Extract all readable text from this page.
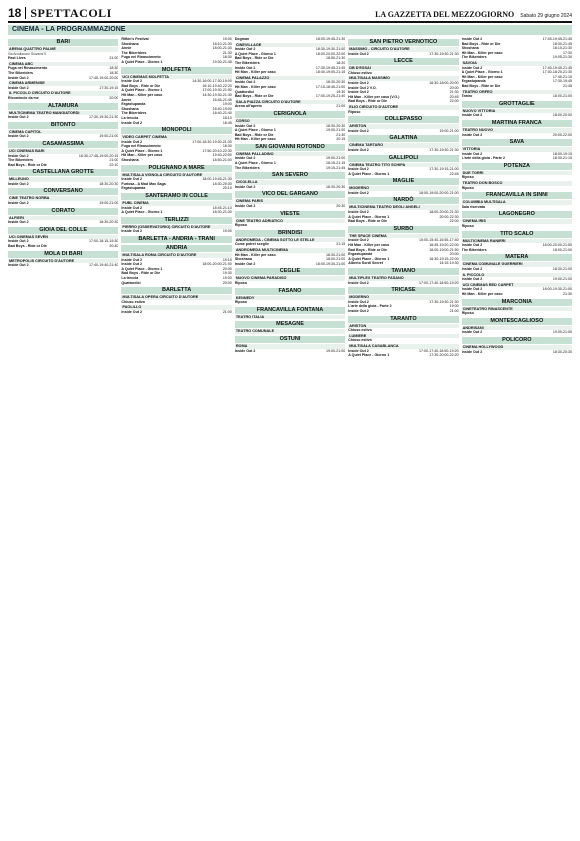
18 SPETTACOLI	LA GAZZETTA DEL MEZZOGIORNO Sabato 29 giugno 2024
CINEMA - LA PROGRAMMAZIONE
BARI
ARENA QUATTRO PALME
Via Arcidiacono Giovanni 9
Past Lives	21:00
CINEMA ABC
Fuga nel Rinascimento	18:30
The Bikeriders	18:30
Inside Out 2	17:45-19:00-20:00
CINEMA ARMENISE
Inside Out 2	17:30-19:15
IL PICCOLO CIRCUITO D'AUTORE
Ricomincio da me	20:00
ALTAMURA
MULTICINEMA TEATRO MANGIATORDI
Inside Out 2	17:30-19:30-21:30
BITONTO
CINEMA CAPITOL
Inside Out 2	19:00-21:00
CASAMASSIMA
UCI CINEMAS BARI
Inside Out 2	16:30-17:45-19:00-20:15
The Bikeriders	21:00
Bad Boys - Ride or Die	22:10
CASTELLANA GROTTE
MILLEUNO
Inside Out 2	18:30-20:30
CONVERSANO
CINE TEATRO NORBA
Inside Out 2	19:00-21:00
CORATO
ALFIERI
Inside Out 2	18:30-20:30
GIOIA DEL COLLE
UCI CINEMAS SEVEN
Inside Out 2	17:00-18:15-19:30
Bad Boys - Ride or Die	20:40
MOLA DI BARI
METROPOLIS CIRCUITO D'AUTORE
Inside Out 2	17:40-19:40-21:40
Rifkin's Festival	19:00
Shoshana	18:10-21:30
Annie	18:00-21:30
The Bikeriders	21:30
Fuga nel Rinascimento	18:30
A Quiet Place - Giorno 1	19:30-21:45
MOLFETTA
UCI CINEMAS MOLFETTA
Inside Out 2	14:30-16:00-17:30-19:00
Bad Boys - Ride or Die	16:10-19:40-22:20
A Quiet Place - Giorno 1	17:00-19:30-21:50
Hit Man - Killer per caso	14:30-19:30-21:30
Annie	16:45-21:45
Ergastupanda	19:00
Shoshana	16:40-19:00
The Bikeriders	18:40-21:40
La treccia	18:10
Inside Out 2	18:45
MONOPOLI
VIDEO CARPET CINEMA
Inside Out 2	17:00-18:30-19:30-21:30
Fuga nel Rinascimento	18:30
A Quiet Place - Giorno 1	17:50-20:10-22:30
Hit Man - Killer per caso	19:40-22:00
Shoshana	18:50-21:00
POLIGNANO A MARE
MULTISALA VIGNOLA CIRCUITO D'AUTORE
Inside Out 2	18:00-19:45-21:30
Furiosa - A Mad Max Saga	18:30-20:30
Ergastupanda	20:15
SANTERAMO IN COLLE
PUBL CINEMA
Inside Out 2	18:45-21:10
A Quiet Place - Giorno 1	18:30-21:30
TERLIZZI
PIERRO (OSSERVATORIO) CIRCUITO D'AUTORE
Inside Out 2	19:00
BARLETTA - ANDRIA - TRANI
ANDRIA
MULTISALA ROMA CIRCUITO D'AUTORE
Inside Out 2	19:15
Inside Out 2	18:00-20:00-21:00
A Quiet Place - Giorno 1	20:00
Bad Boys - Ride or Die	19:30
La treccia	19:00
Quattordici	20:00
BARLETTA
MULTISALA OPERA CIRCUITO D'AUTORE
Chiuso estivo
PAOLILLO
Inside Out 2	21:00
Dogman	18:00-19:45-21:30
CINEVILLAGE
Inside Out 2	18:30-19:30-21:00
A Quiet Place - Giorno 1	18:00-20:00-22:00
Bad Boys - Ride or Die	18:50-21:30
The Bikeriders	18:20
Inside Out 2	17:30-19:45-21:45
Hit Man - Killer per caso	18:40-19:00-21:15
CINEMA PALAZZO
Inside Out 2	18:30-20:30
Hit Man - Killer per caso	17:15-18:45-21:00
Quattordici	19:30
Bad Boys - Ride or Die	17:00-19:25-21:40
SALA PIAZZA CIRCUITO D'AUTORE
Arena all'aperto	21:00
CERIGNOLA
CORSO
Inside Out 2	18:30-20:30
A Quiet Place - Giorno 1	19:00-21:00
Bad Boys - Ride or Die	21:30
Hit Man - Killer per caso	20:15
SAN GIOVANNI ROTONDO
CINEMA PALLADINO
Inside Out 2	19:00-21:00
A Quiet Place - Giorno 1	18:15-21:15
The Bikeriders	19:15-21:45
SAN SEVERO
CICOLELLA
Inside Out 2	18:30-20:30
VICO DEL GARGANO
CINEMA PARIS
Inside Out 2	20:30
VIESTE
CINE TEATRO ADRIATICO
Riposo
BRINDISI
ANDROMEDA - CINEMA SOTTO LE STELLE
Come potrei sceglie	21:15
ANDROMEDA MULTICINEMA
Hit Man - Killer per caso	18:30-21:00
Shoshana	18:00-21:00
Inside Out 2	18:00-19:30-21:00
CEGLIE
NUOVO CINEMA PARADISO
Riposo
FASANO
KENNEDY
Riposo
FRANCAVILLA FONTANA
TEATRO ITALIA
MESAGNE
TEATRO COMUNALE
OSTUNI
ROMA
Inside Out 2	19:00-21:00
SAN PIETRO VERNOTICO
MASSIMO - CIRCUITO D'AUTORE
Inside Out 2	17:30-19:30-21:30
LECCE
DB D'ESSAI
Chiuso estivo
MULTISALA MASSIMO
Inside Out 2	16:30-18:00-20:00
Inside Out 2 V.O.	20:00
Inside Out 2	21:30
Hit Man - Killer per caso (V.O.)	20:45
Bad Boys - Ride or Die	22:00
ELIO CIRCUITO D'AUTORE
Riposo
COLLEPASSO
ARISTON
Inside Out 2	19:00-21:00
GALATINA
CINEMA TARTARO
Inside Out 2	17:30-19:30-21:30
GALLIPOLI
CINEMA TEATRO TITO SCHIPA
Inside Out 2	17:30-19:15-21:00
A Quiet Place - Giorno 1	22:45
MAGLIE
MODERNO
Inside Out 2	18:00-19:00-20:00-21:00
NARDÒ
MULTICINEMA TEATRO DEGLI ANGELI
Inside Out 2	18:00-20:00-21:30
A Quiet Place - Giorno 1	20:00-22:30
Bad Boys - Ride or Die	22:00
SURBO
THE SPACE CINEMA
Inside Out 2	15:00-15:40-16:55-17:40
Hit Man - Killer per caso	16:45-19:20-22:00
Bad Boys - Ride or Die	16:00-19:00-21:50
Ergastupanda	20:00
A Quiet Place - Giorno 1	16:30-19:15-22:00
Alberto Sordi Secret	14:15-19:30
TAVIANO
MULTIPLEX TEATRO FASANO
Inside Out 2	17:00-17:40-18:50-19:20
TRICASE
MODERNO
Inside Out 2	17:30-19:30-21:30
L'arte della gioia - Parte 2	19:00
Inside Out 2	21:00
TARANTO
ARISTON
Chiuso estivo
LUMIERE
Chiuso estivo
MULTISALA CASABLANCA
Inside Out 2	17:00-17:40-18:50-19:20
A Quiet Place - Giorno 1	17:30-20:00-22:20
Inside Out 2	17:45-19:45-21:45
Bad Boys - Ride or Die	18:30-21:45
Shoshana	18:10-21:30
Hit Man - Killer per caso	17:30
The Bikeriders	19:05-21:30
SAVOIA
Inside Out 2	17:45-19:45-21:45
A Quiet Place - Giorno 1	17:30-18:20-21:30
Hit Man - Killer per caso	17:45-21:15
Ergastupanda	17:30-19:45
Bad Boys - Ride or Die	21:45
TEATRO ORFEO
Teatro	18:00-21:00
GROTTAGLIE
NUOVO VITTORIA
Inside Out 2	18:00-20:00
MARTINA FRANCA
TEATRO NUOVO
Inside Out 2	20:00-22:00
SAVA
VITTORIA
Inside Out 2	18:00-19:15
L'arte della gioia - Parte 2	18:30-21:15
POTENZA
DUE TORRI
Riposo
TEATRO DON BOSCO
Riposo
FRANCAVILLA IN SINNI
COLUMBIA MULTISALA
Sala riservata
LAGONEGRO
CINEMA IRIS
Riposo
TITO SCALO
MULTICINEMA RANIERI
Inside Out 2	18:00-20:00-21:50
The Bikeriders	18:00-21:00
MATERA
CINEMA COMUNALE GUERRIERI
Inside Out 2	18:30-21:00
IL PICCOLO
Inside Out 2	19:00-21:00
UCI CINEMAS RED CARPET
Inside Out 2	18:00-19:30-21:00
Hit Man - Killer per caso	21:30
MARCONIA
CINETEATRO RINASCENTE
Riposo
MONTESCAGLIOSO
ANDRISANI
Inside Out 2	19:00-21:00
POLICORO
CINEMA HOLLYWOOD
Inside Out 2	18:30-20:30
